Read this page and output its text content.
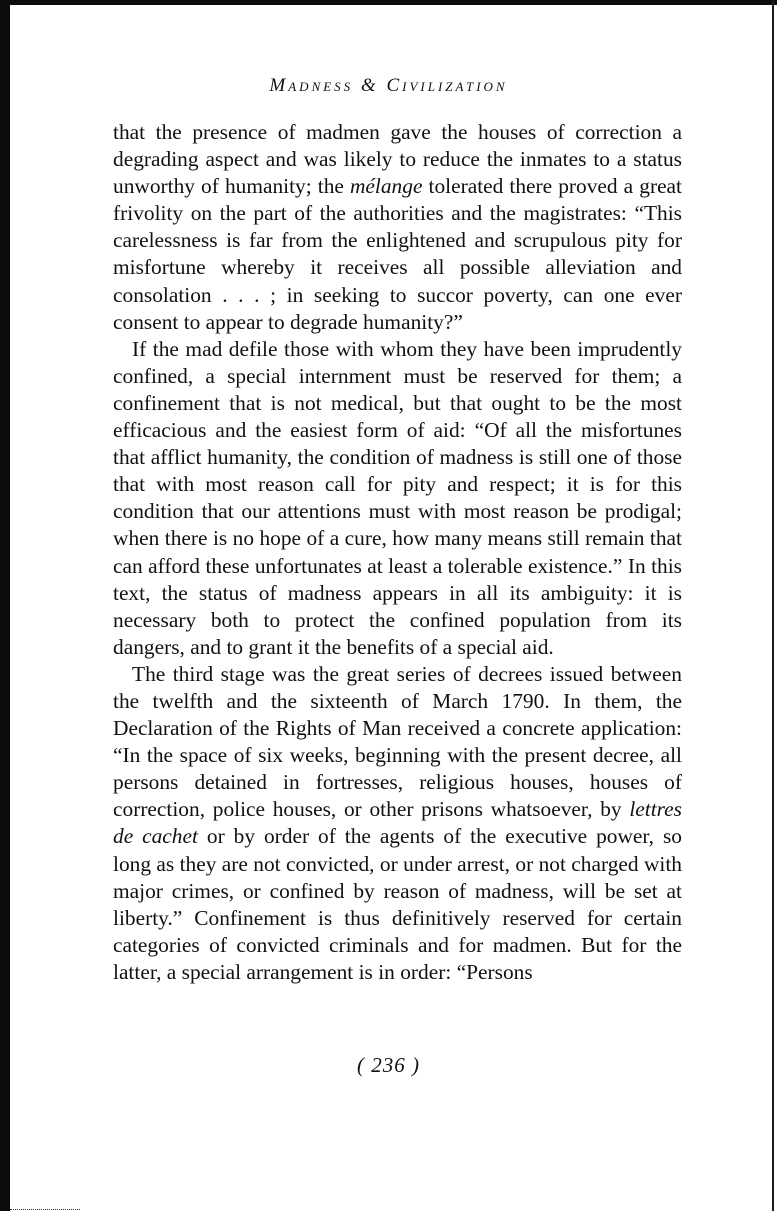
Madness & Civilization

that the presence of madmen gave the houses of correction a degrading aspect and was likely to reduce the inmates to a status unworthy of humanity; the mélange tolerated there proved a great frivolity on the part of the authorities and the magistrates: “This carelessness is far from the enlightened and scrupulous pity for misfortune whereby it receives all possible alleviation and consolation . . . ; in seeking to succor poverty, can one ever consent to appear to degrade humanity?”

If the mad defile those with whom they have been imprudently confined, a special internment must be reserved for them; a confinement that is not medical, but that ought to be the most efficacious and the easiest form of aid: “Of all the misfortunes that afflict humanity, the condition of madness is still one of those that with most reason call for pity and respect; it is for this condition that our attentions must with most reason be prodigal; when there is no hope of a cure, how many means still remain that can afford these unfortunates at least a tolerable existence.” In this text, the status of madness appears in all its ambiguity: it is necessary both to protect the confined population from its dangers, and to grant it the benefits of a special aid.

The third stage was the great series of decrees issued between the twelfth and the sixteenth of March 1790. In them, the Declaration of the Rights of Man received a concrete application: “In the space of six weeks, beginning with the present decree, all persons detained in fortresses, religious houses, houses of correction, police houses, or other prisons whatsoever, by lettres de cachet or by order of the agents of the executive power, so long as they are not convicted, or under arrest, or not charged with major crimes, or confined by reason of madness, will be set at liberty.” Confinement is thus definitively reserved for certain categories of convicted criminals and for madmen. But for the latter, a special arrangement is in order: “Persons

( 236 )
